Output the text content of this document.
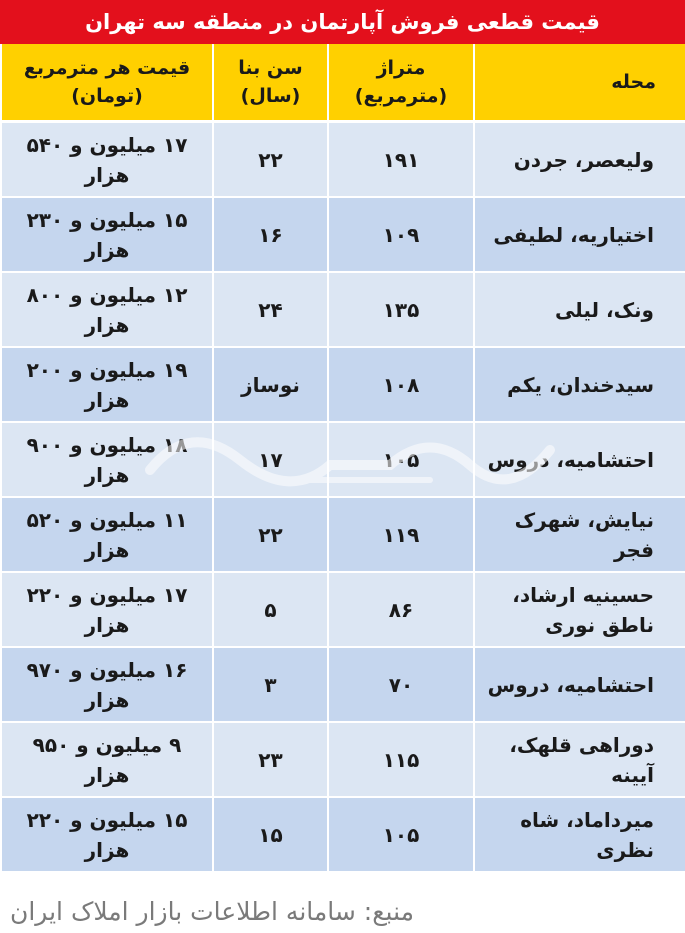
قیمت قطعی فروش آپارتمان در منطقه سه تهران
محله	متراژ (مترمربع)	سن بنا (سال)	قیمت هر مترمربع (تومان)
ولیعصر، جردن	۱۹۱	۲۲	۱۷ میلیون و ۵۴۰ هزار
اختیاریه، لطیفی	۱۰۹	۱۶	۱۵ میلیون و ۲۳۰ هزار
ونک، لیلی	۱۳۵	۲۴	۱۲ میلیون و ۸۰۰ هزار
سیدخندان، یکم	۱۰۸	نوساز	۱۹ میلیون و ۲۰۰ هزار
احتشامیه، دروس	۱۰۵	۱۷	۱۸ میلیون و ۹۰۰ هزار
نیایش، شهرک فجر	۱۱۹	۲۲	۱۱ میلیون و ۵۲۰ هزار
حسینیه ارشاد، ناطق نوری	۸۶	۵	۱۷ میلیون و ۲۲۰ هزار
احتشامیه، دروس	۷۰	۳	۱۶ میلیون و ۹۷۰ هزار
دوراهی قلهک، آیینه	۱۱۵	۲۳	۹ میلیون و ۹۵۰ هزار
میرداماد، شاه نظری	۱۰۵	۱۵	۱۵ میلیون و ۲۲۰ هزار
منبع: سامانه اطلاعات بازار املاک ایران
